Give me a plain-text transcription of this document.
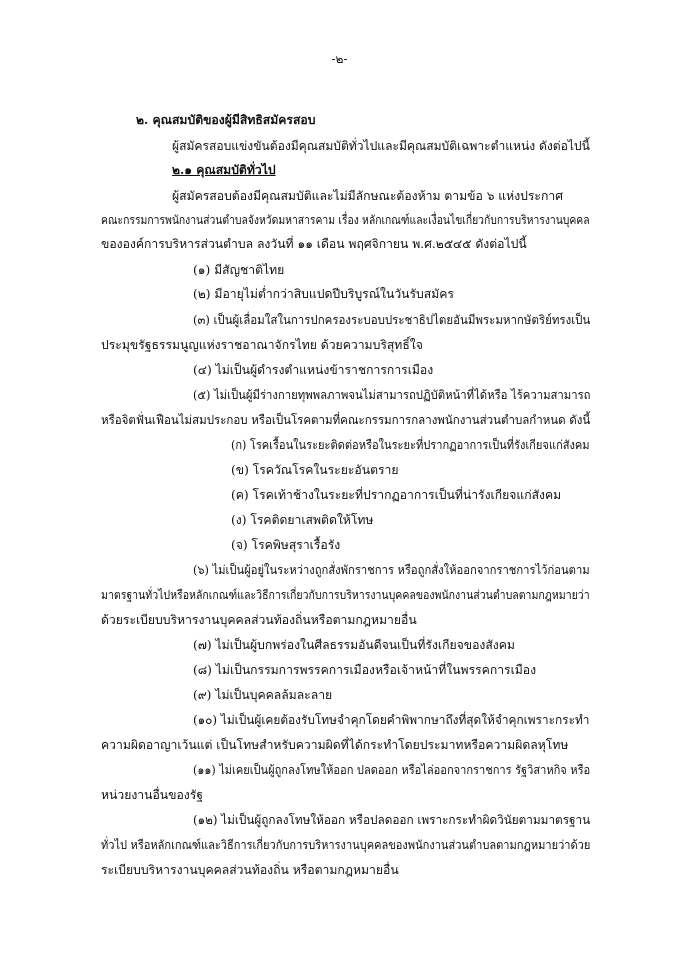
-๒-
๒. คุณสมบัติของผู้มีสิทธิสมัครสอบ
ผู้สมัครสอบแข่งขันต้องมีคุณสมบัติทั่วไปและมีคุณสมบัติเฉพาะตำแหน่ง ดังต่อไปนี้
๒.๑ คุณสมบัติทั่วไป
ผู้สมัครสอบต้องมีคุณสมบัติและไม่มีลักษณะต้องห้าม ตามข้อ ๖ แห่งประกาศ
คณะกรรมการพนักงานส่วนตำบลจังหวัดมหาสารคาม เรื่อง หลักเกณฑ์และเงื่อนไขเกี่ยวกับการบริหารงานบุคคล
ขององค์การบริหารส่วนตำบล ลงวันที่ ๑๑ เดือน พฤศจิกายน พ.ศ.๒๕๔๕ ดังต่อไปนี้
(๑) มีสัญชาติไทย
(๒) มีอายุไม่ต่ำกว่าสิบแปดปีบริบูรณ์ในวันรับสมัคร
(๓) เป็นผู้เลื่อมใสในการปกครองระบอบประชาธิปไตยอันมีพระมหากษัตริย์ทรงเป็น
ประมุขรัฐธรรมนูญแห่งราชอาณาจักรไทย ด้วยความบริสุทธิ์ใจ
(๔) ไม่เป็นผู้ดำรงตำแหน่งข้าราชการการเมือง
(๕) ไม่เป็นผู้มีร่างกายทุพพลภาพจนไม่สามารถปฏิบัติหน้าที่ได้หรือ ไร้ความสามารถ
หรือจิตฟั่นเฟือนไม่สมประกอบ หรือเป็นโรคตามที่คณะกรรมการกลางพนักงานส่วนตำบลกำหนด ดังนี้
(ก) โรคเรื้อนในระยะติดต่อหรือในระยะที่ปรากฏอาการเป็นที่รังเกียจแก่สังคม
(ข) โรควัณโรคในระยะอันตราย
(ค) โรคเท้าช้างในระยะที่ปรากฏอาการเป็นที่น่ารังเกียจแก่สังคม
(ง) โรคติดยาเสพติดให้โทษ
(จ) โรคพิษสุราเรื้อรัง
(๖) ไม่เป็นผู้อยู่ในระหว่างถูกสั่งพักราชการ หรือถูกสั่งให้ออกจากราชการไว้ก่อนตาม
มาตรฐานทั่วไปหรือหลักเกณฑ์และวิธีการเกี่ยวกับการบริหารงานบุคคลของพนักงานส่วนตำบลตามกฎหมายว่า
ด้วยระเบียบบริหารงานบุคคลส่วนท้องถิ่นหรือตามกฎหมายอื่น
(๗) ไม่เป็นผู้บกพร่องในศีลธรรมอันดีจนเป็นที่รังเกียจของสังคม
(๘) ไม่เป็นกรรมการพรรคการเมืองหรือเจ้าหน้าที่ในพรรคการเมือง
(๙) ไม่เป็นบุคคลล้มละลาย
(๑๐) ไม่เป็นผู้เคยต้องรับโทษจำคุกโดยคำพิพากษาถึงที่สุดให้จำคุกเพราะกระทำ
ความผิดอาญาเว้นแต่ เป็นโทษสำหรับความผิดที่ได้กระทำโดยประมาทหรือความผิดลหุโทษ
(๑๑) ไม่เคยเป็นผู้ถูกลงโทษให้ออก ปลดออก หรือไล่ออกจากราชการ รัฐวิสาหกิจ หรือ
หน่วยงานอื่นของรัฐ
(๑๒) ไม่เป็นผู้ถูกลงโทษให้ออก หรือปลดออก เพราะกระทำผิดวินัยตามมาตรฐาน
ทั่วไป หรือหลักเกณฑ์และวิธีการเกี่ยวกับการบริหารงานบุคคลของพนักงานส่วนตำบลตามกฎหมายว่าด้วย
ระเบียบบริหารงานบุคคลส่วนท้องถิ่น หรือตามกฎหมายอื่น
